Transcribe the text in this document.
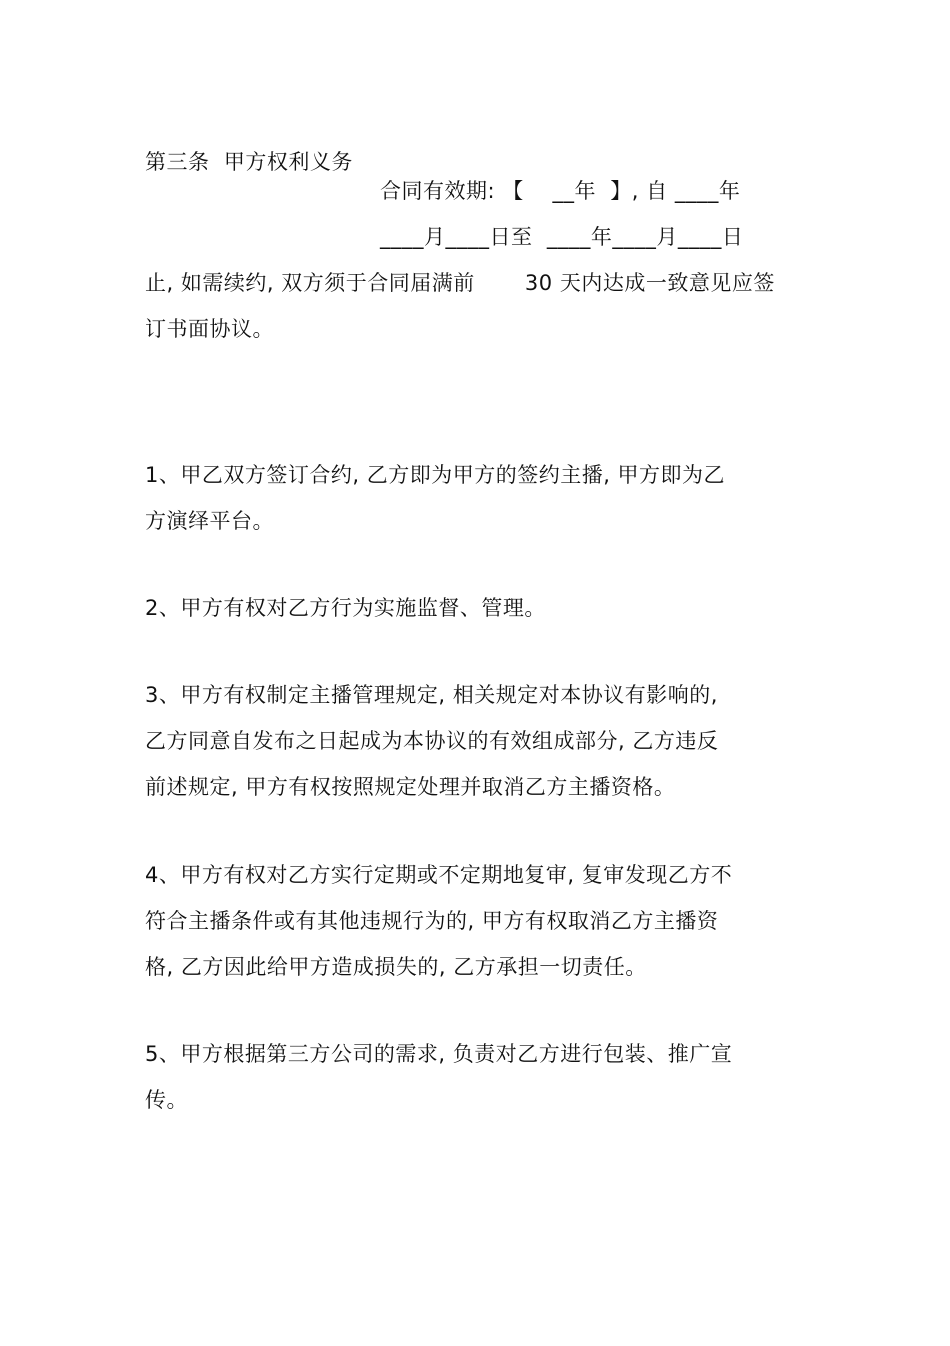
第三条  甲方权利义务
合同有效期: 【    __年  】, 自 ____年
____月____日至  ____年____月____日
止, 如需续约, 双方须于合同届满前       30 天内达成一致意见应签
订书面协议。
1、甲乙双方签订合约, 乙方即为甲方的签约主播, 甲方即为乙
方演绎平台。
2、甲方有权对乙方行为实施监督、管理。
3、甲方有权制定主播管理规定, 相关规定对本协议有影响的,
乙方同意自发布之日起成为本协议的有效组成部分, 乙方违反
前述规定, 甲方有权按照规定处理并取消乙方主播资格。
4、甲方有权对乙方实行定期或不定期地复审, 复审发现乙方不
符合主播条件或有其他违规行为的, 甲方有权取消乙方主播资
格, 乙方因此给甲方造成损失的, 乙方承担一切责任。
5、甲方根据第三方公司的需求, 负责对乙方进行包装、推广宣
传。
